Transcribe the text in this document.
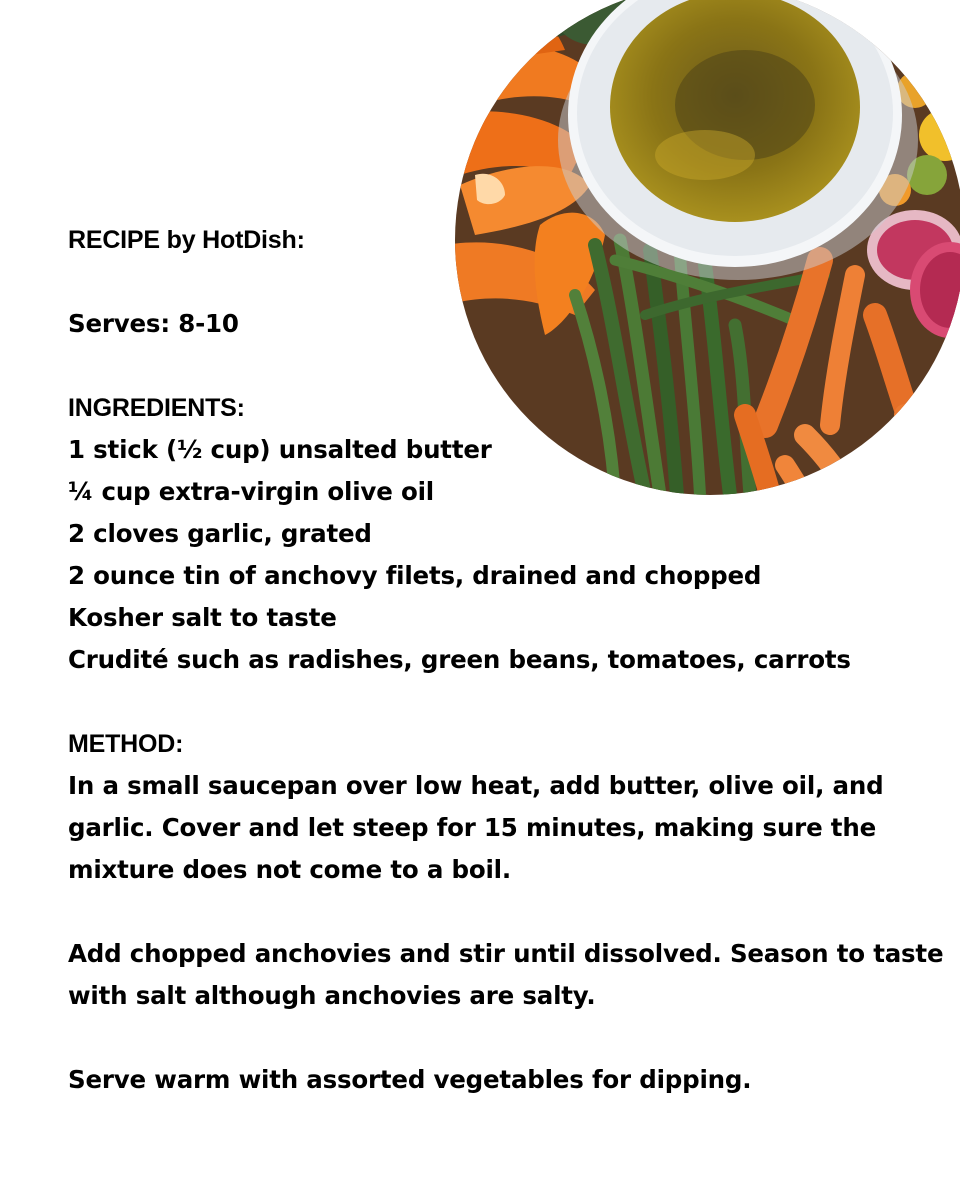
RECIPE by HotDish:
Serves: 8-10
INGREDIENTS:
1 stick (½ cup) unsalted butter
¼ cup extra-virgin olive oil
2 cloves garlic, grated
2 ounce tin of anchovy filets, drained and chopped
Kosher salt to taste
Crudité such as radishes, green beans, tomatoes, carrots
METHOD:
In a small saucepan over low heat, add butter, olive oil, and
garlic. Cover and let steep for 15 minutes, making sure the
mixture does not come to a boil.
Add chopped anchovies and stir until dissolved. Season to taste
with salt although anchovies are salty.
Serve warm with assorted vegetables for dipping.
